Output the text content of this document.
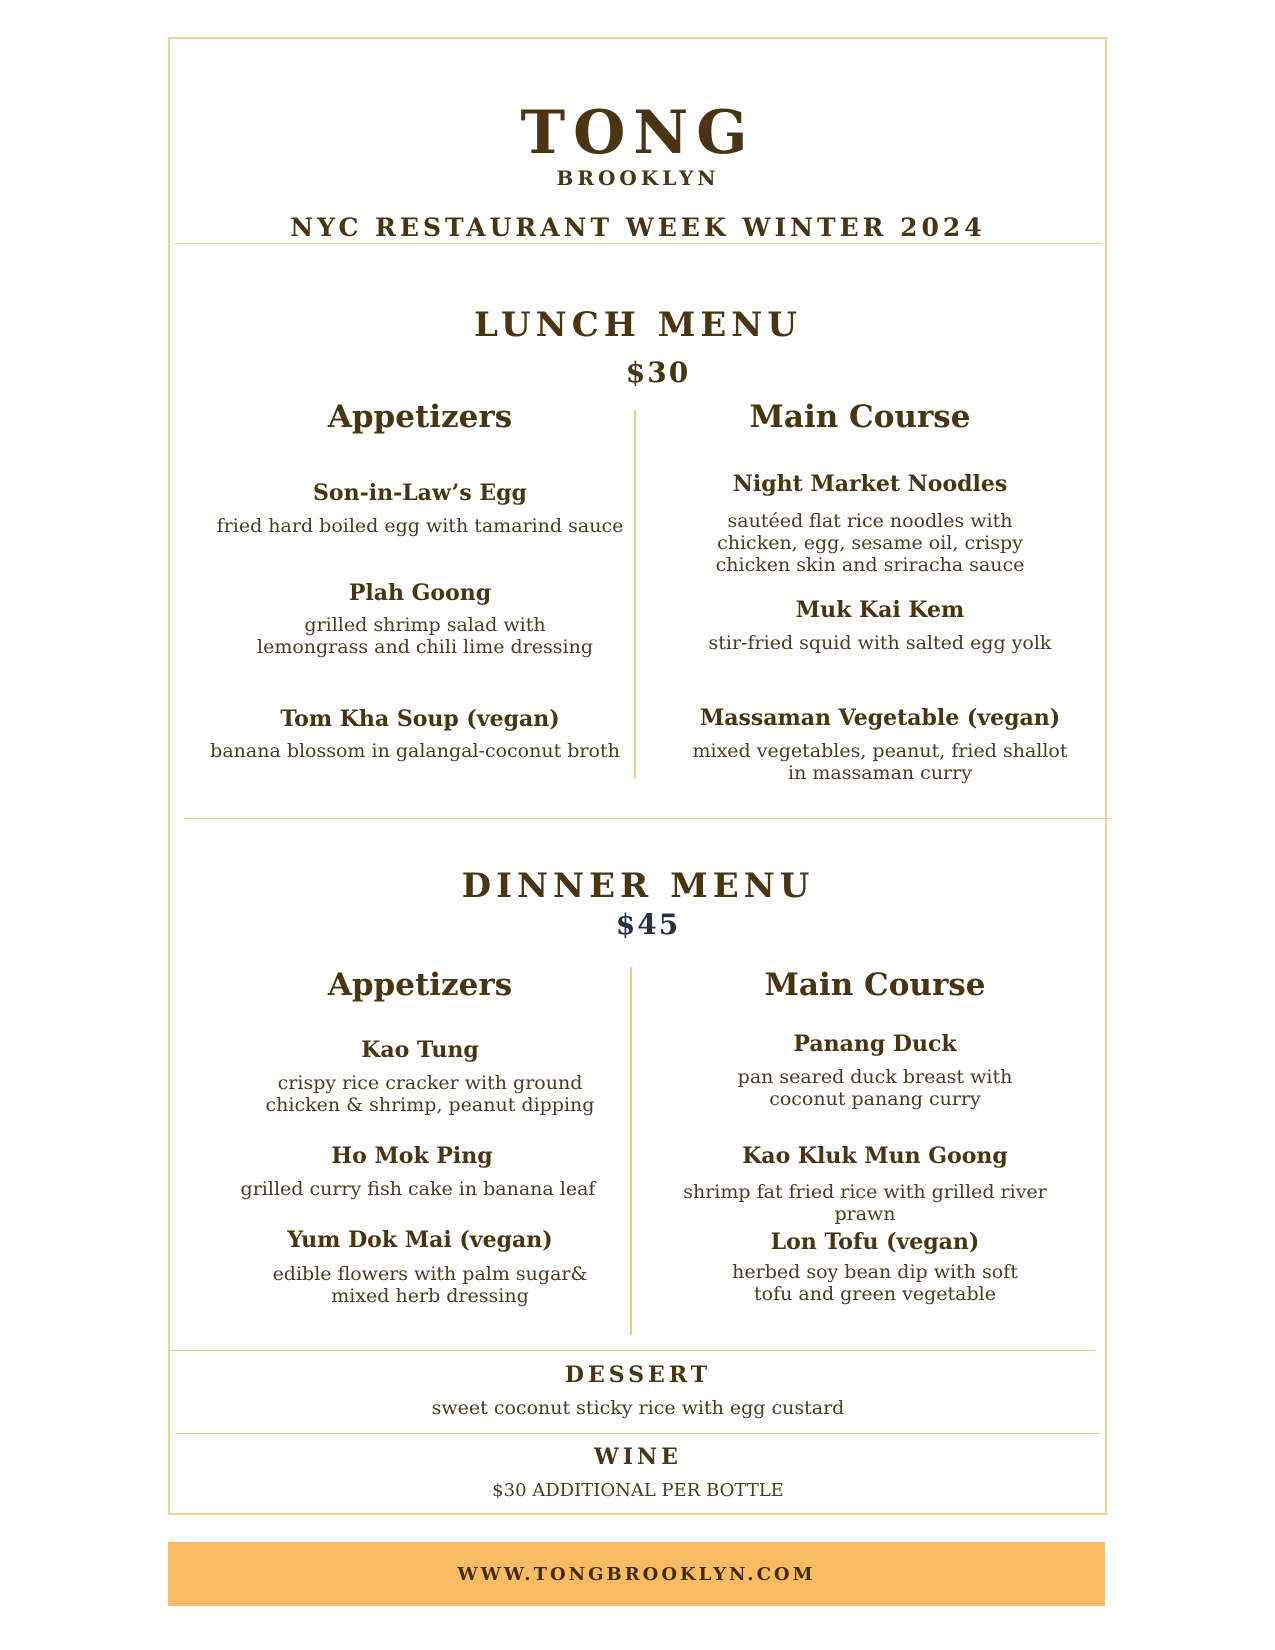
TONG
BROOKLYN
NYC RESTAURANT WEEK WINTER 2024
LUNCH MENU
$30
Appetizers	Main Course
Son-in-Law’s Egg
fried hard boiled egg with tamarind sauce
Plah Goong
grilled shrimp salad with lemongrass and chili lime dressing
Tom Kha Soup (vegan)
banana blossom in galangal-coconut broth
Night Market Noodles
sautéed flat rice noodles with chicken, egg, sesame oil, crispy chicken skin and sriracha sauce
Muk Kai Kem
stir-fried squid with salted egg yolk
Massaman Vegetable (vegan)
mixed vegetables, peanut, fried shallot in massaman curry
DINNER MENU
$45
Appetizers	Main Course
Kao Tung
crispy rice cracker with ground chicken & shrimp, peanut dipping
Ho Mok Ping
grilled curry fish cake in banana leaf
Yum Dok Mai (vegan)
edible flowers with palm sugar& mixed herb dressing
Panang Duck
pan seared duck breast with coconut panang curry
Kao Kluk Mun Goong
shrimp fat fried rice with grilled river prawn
Lon Tofu (vegan)
herbed soy bean dip with soft tofu and green vegetable
DESSERT
sweet coconut sticky rice with egg custard
WINE
$30 ADDITIONAL PER BOTTLE
WWW.TONGBROOKLYN.COM
